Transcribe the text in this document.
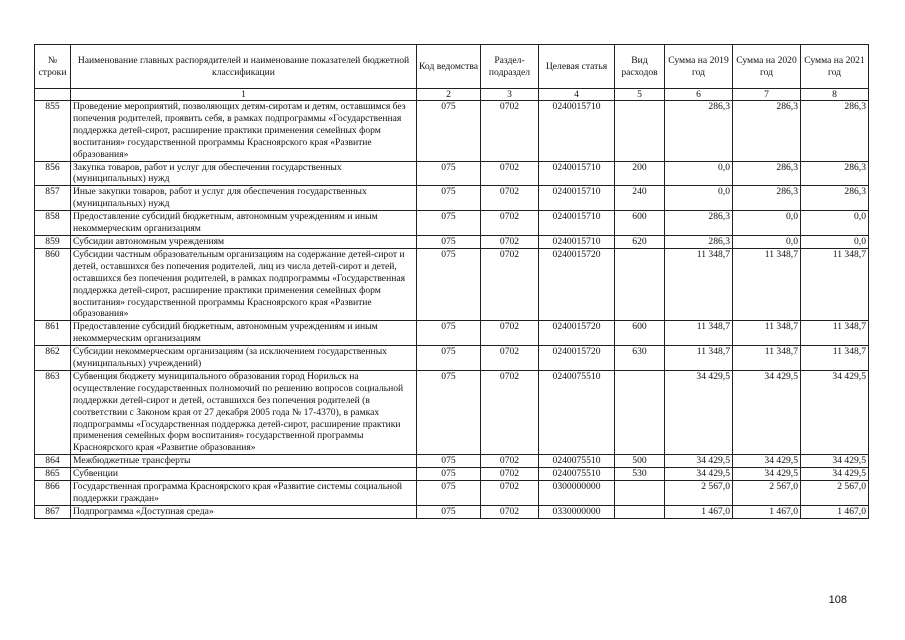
№ строки	Наименование главных распорядителей и наименование показателей бюджетной классификации	Код ведомства	Раздел-подраздел	Целевая статья	Вид расходов	Сумма на 2019 год	Сумма на 2020 год	Сумма на 2021 год
	1	2	3	4	5	6	7	8
855	Проведение мероприятий, позволяющих детям-сиротам и детям, оставшимся без попечения родителей, проявить себя, в рамках подпрограммы «Государственная поддержка детей-сирот, расширение практики применения семейных форм воспитания» государственной программы Красноярского края «Развитие образования»	075	0702	0240015710		286,3	286,3	286,3
856	Закупка товаров, работ и услуг для обеспечения государственных (муниципальных) нужд	075	0702	0240015710	200	0,0	286,3	286,3
857	Иные закупки товаров, работ и услуг для обеспечения государственных (муниципальных) нужд	075	0702	0240015710	240	0,0	286,3	286,3
858	Предоставление субсидий бюджетным, автономным учреждениям и иным некоммерческим организациям	075	0702	0240015710	600	286,3	0,0	0,0
859	Субсидии автономным учреждениям	075	0702	0240015710	620	286,3	0,0	0,0
860	Субсидии частным образовательным организациям на содержание детей-сирот и детей, оставшихся без попечения родителей, лиц из числа детей-сирот и детей, оставшихся без попечения родителей, в рамках подпрограммы «Государственная поддержка детей-сирот, расширение практики применения семейных форм воспитания» государственной программы Красноярского края «Развитие образования»	075	0702	0240015720		11 348,7	11 348,7	11 348,7
861	Предоставление субсидий бюджетным, автономным учреждениям и иным некоммерческим организациям	075	0702	0240015720	600	11 348,7	11 348,7	11 348,7
862	Субсидии некоммерческим организациям (за исключением государственных (муниципальных) учреждений)	075	0702	0240015720	630	11 348,7	11 348,7	11 348,7
863	Субвенция бюджету муниципального образования город Норильск на осуществление государственных полномочий по решению вопросов социальной поддержки детей-сирот и детей, оставшихся без попечения родителей (в соответствии с Законом края от 27 декабря 2005 года № 17-4370), в рамках подпрограммы «Государственная поддержка детей-сирот, расширение практики применения семейных форм воспитания» государственной программы Красноярского края «Развитие образования»	075	0702	0240075510		34 429,5	34 429,5	34 429,5
864	Межбюджетные трансферты	075	0702	0240075510	500	34 429,5	34 429,5	34 429,5
865	Субвенции	075	0702	0240075510	530	34 429,5	34 429,5	34 429,5
866	Государственная программа Красноярского края «Развитие системы социальной поддержки граждан»	075	0702	0300000000		2 567,0	2 567,0	2 567,0
867	Подпрограмма «Доступная среда»	075	0702	0330000000		1 467,0	1 467,0	1 467,0
108
